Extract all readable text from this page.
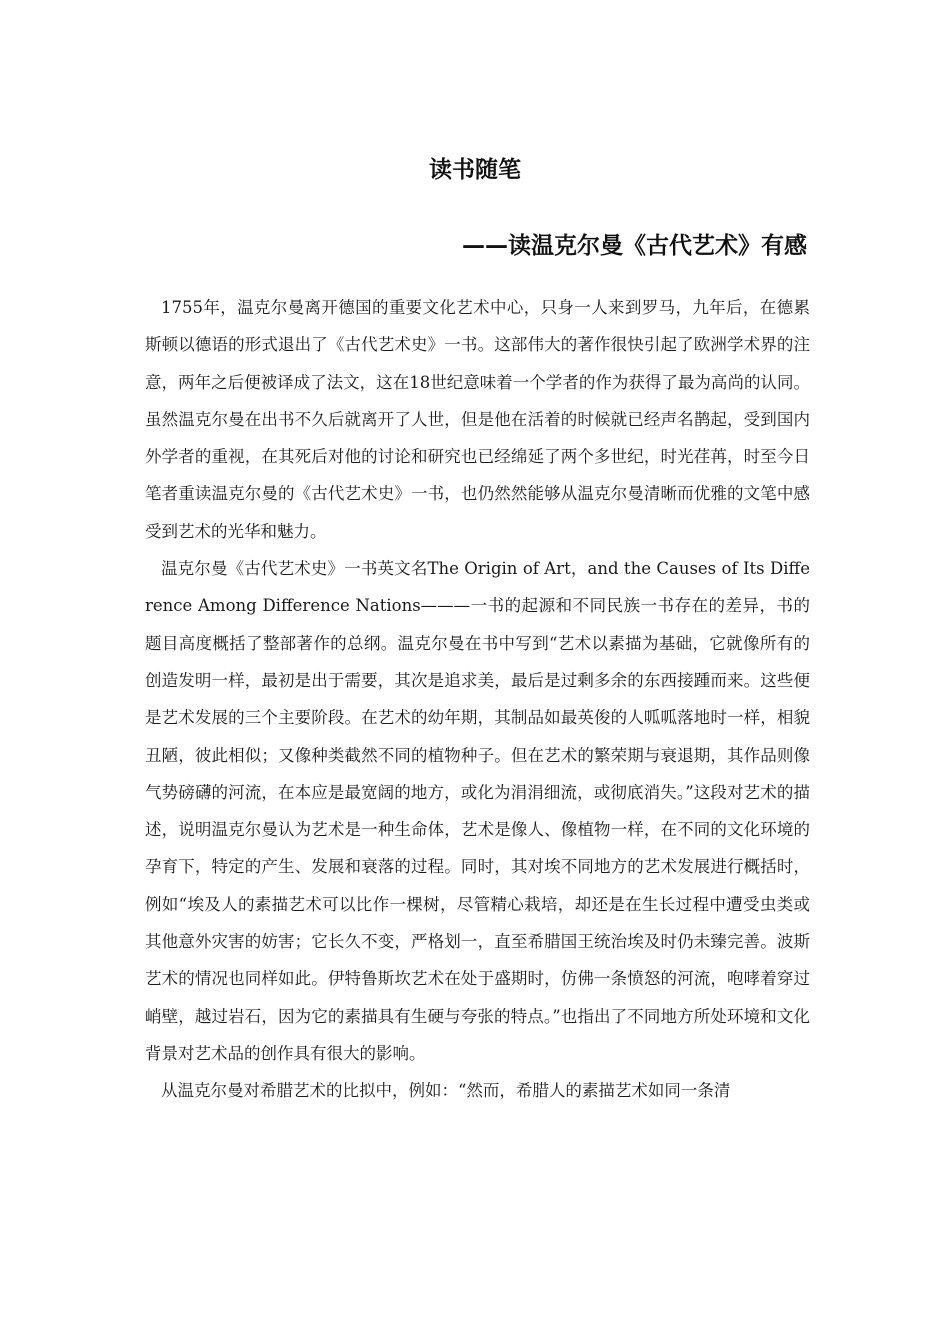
读书随笔
——读温克尔曼《古代艺术》有感

1755年，温克尔曼离开德国的重要文化艺术中心，只身一人来到罗马，九年后，在德累斯顿以德语的形式退出了《古代艺术史》一书。这部伟大的著作很快引起了欧洲学术界的注意，两年之后便被译成了法文，这在18世纪意味着一个学者的作为获得了最为高尚的认同。虽然温克尔曼在出书不久后就离开了人世，但是他在活着的时候就已经声名鹊起，受到国内外学者的重视，在其死后对他的讨论和研究也已经绵延了两个多世纪，时光荏苒，时至今日笔者重读温克尔曼的《古代艺术史》一书，也仍然然能够从温克尔曼清晰而优雅的文笔中感受到艺术的光华和魅力。

温克尔曼《古代艺术史》一书英文名The Origin of Art，and the Causes of Its Difference Among Difference Nations———一书的起源和不同民族一书存在的差异，书的题目高度概括了整部著作的总纲。温克尔曼在书中写到“艺术以素描为基础，它就像所有的创造发明一样，最初是出于需要，其次是追求美，最后是过剩多余的东西接踵而来。这些便是艺术发展的三个主要阶段。在艺术的幼年期，其制品如最英俊的人呱呱落地时一样，相貌丑陋，彼此相似；又像种类截然不同的植物种子。但在艺术的繁荣期与衰退期，其作品则像气势磅礴的河流，在本应是最宽阔的地方，或化为涓涓细流，或彻底消失。”这段对艺术的描述，说明温克尔曼认为艺术是一种生命体，艺术是像人、像植物一样，在不同的文化环境的孕育下，特定的产生、发展和衰落的过程。同时，其对埃不同地方的艺术发展进行概括时，例如“埃及人的素描艺术可以比作一棵树，尽管精心栽培，却还是在生长过程中遭受虫类或其他意外灾害的妨害；它长久不变，严格划一，直至希腊国王统治埃及时仍未臻完善。波斯艺术的情况也同样如此。伊特鲁斯坎艺术在处于盛期时，仿佛一条愤怒的河流，咆哮着穿过峭壁，越过岩石，因为它的素描具有生硬与夸张的特点。”也指出了不同地方所处环境和文化背景对艺术品的创作具有很大的影响。

从温克尔曼对希腊艺术的比拟中，例如：“然而，希腊人的素描艺术如同一条清
